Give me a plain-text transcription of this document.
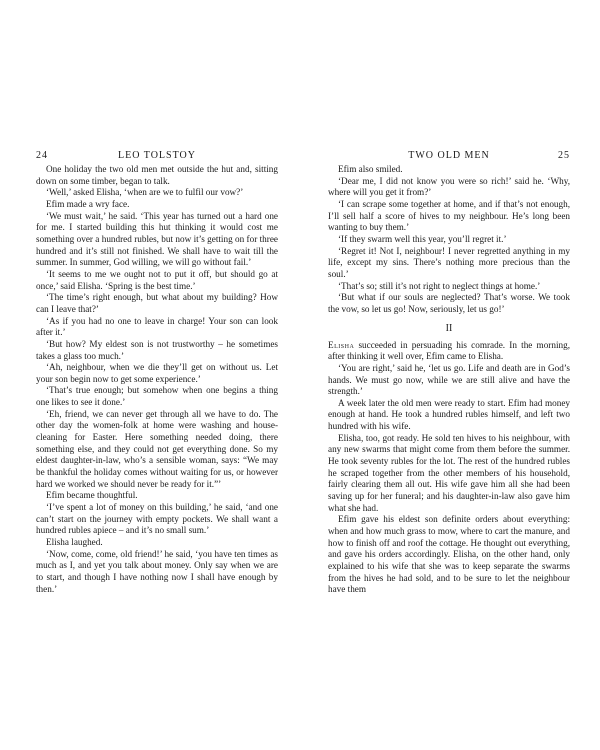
24	LEO TOLSTOY

One holiday the two old men met outside the hut and, sitting down on some timber, began to talk.

‘Well,’ asked Elisha, ‘when are we to fulfil our vow?’

Efim made a wry face.

‘We must wait,’ he said. ‘This year has turned out a hard one for me. I started building this hut thinking it would cost me something over a hundred rubles, but now it’s getting on for three hundred and it’s still not finished. We shall have to wait till the summer. In summer, God willing, we will go without fail.’

‘It seems to me we ought not to put it off, but should go at once,’ said Elisha. ‘Spring is the best time.’

‘The time’s right enough, but what about my building? How can I leave that?’

‘As if you had no one to leave in charge! Your son can look after it.’

‘But how? My eldest son is not trustworthy – he sometimes takes a glass too much.’

‘Ah, neighbour, when we die they’ll get on without us. Let your son begin now to get some experience.’

‘That’s true enough; but somehow when one begins a thing one likes to see it done.’

‘Eh, friend, we can never get through all we have to do. The other day the women-folk at home were washing and house-cleaning for Easter. Here something needed doing, there something else, and they could not get everything done. So my eldest daughter-in-law, who’s a sensible woman, says: “We may be thankful the holiday comes without waiting for us, or however hard we worked we should never be ready for it.”’

Efim became thoughtful.

‘I’ve spent a lot of money on this building,’ he said, ‘and one can’t start on the journey with empty pockets. We shall want a hundred rubles apiece – and it’s no small sum.’

Elisha laughed.

‘Now, come, come, old friend!’ he said, ‘you have ten times as much as I, and yet you talk about money. Only say when we are to start, and though I have nothing now I shall have enough by then.’

TWO OLD MEN	25

Efim also smiled.

‘Dear me, I did not know you were so rich!’ said he. ‘Why, where will you get it from?’

‘I can scrape some together at home, and if that’s not enough, I’ll sell half a score of hives to my neighbour. He’s long been wanting to buy them.’

‘If they swarm well this year, you’ll regret it.’

‘Regret it! Not I, neighbour! I never regretted anything in my life, except my sins. There’s nothing more precious than the soul.’

‘That’s so; still it’s not right to neglect things at home.’

‘But what if our souls are neglected? That’s worse. We took the vow, so let us go! Now, seriously, let us go!’

II

Elisha succeeded in persuading his comrade. In the morning, after thinking it well over, Efim came to Elisha.

‘You are right,’ said he, ‘let us go. Life and death are in God’s hands. We must go now, while we are still alive and have the strength.’

A week later the old men were ready to start. Efim had money enough at hand. He took a hundred rubles himself, and left two hundred with his wife.

Elisha, too, got ready. He sold ten hives to his neighbour, with any new swarms that might come from them before the summer. He took seventy rubles for the lot. The rest of the hundred rubles he scraped together from the other members of his household, fairly clearing them all out. His wife gave him all she had been saving up for her funeral; and his daughter-in-law also gave him what she had.

Efim gave his eldest son definite orders about everything: when and how much grass to mow, where to cart the manure, and how to finish off and roof the cottage. He thought out everything, and gave his orders accordingly. Elisha, on the other hand, only explained to his wife that she was to keep separate the swarms from the hives he had sold, and to be sure to let the neighbour have them
